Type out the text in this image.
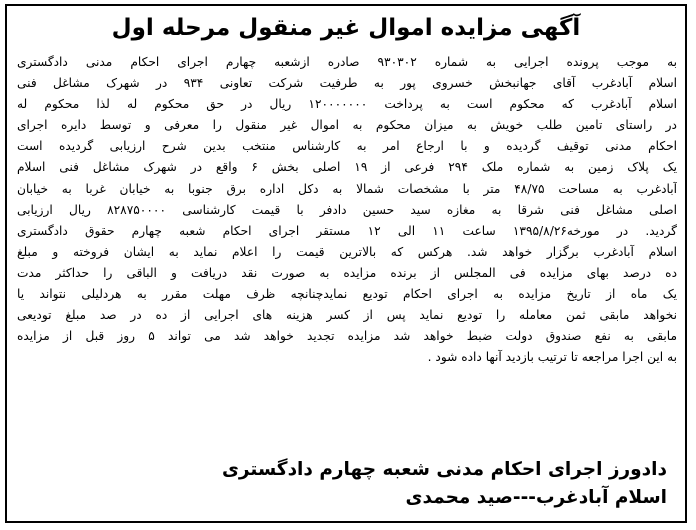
آگهی مزایده اموال غیر منقول مرحله اول
به موجب پرونده اجرایی به شماره ۹۳۰۳۰۲ صادره ازشعبه چهارم اجرای احکام مدنی دادگستری
اسلام آبادغرب آقای جهانبخش خسروی پور به طرفیت شرکت تعاونی ۹۳۴ در شهرک مشاغل فنی
اسلام آبادغرب که محکوم است به پرداخت ۱۲۰۰۰۰۰۰۰ ریال در حق محکوم له لذا محکوم له
در راستای تامین طلب خویش به میزان محکوم به اموال غیر منقول را معرفی و توسط دایره اجرای
احکام مدنی توقیف گردیده و با ارجاع امر به کارشناس منتخب بدین شرح ارزیابی گردیده است
یک پلاک زمین به شماره ملک ۲۹۴ فرعی از ۱۹ اصلی بخش ۶ واقع در شهرک مشاغل فنی اسلام
آبادغرب به مساحت ۴۸/۷۵ متر با مشخصات شمالا به دکل اداره برق جنوبا به خیابان غربا به خیابان
اصلی مشاغل فنی شرقا به مغازه سید حسین دادفر با قیمت کارشناسی ۸۲۸۷۵۰۰۰۰ ریال ارزیابی
گردید. در مورخه۱۳۹۵/۸/۲۶ ساعت ۱۱ الی ۱۲ مستقر اجرای احکام شعبه چهارم حقوق دادگستری
اسلام آبادغرب برگزار خواهد شد. هرکس که بالاترین قیمت را اعلام نماید به ایشان فروخته و مبلغ
ده درصد بهای مزایده فی المجلس از برنده مزایده به صورت نقد دریافت و الباقی را حداکثر مدت
یک ماه از تاریخ مزایده به اجرای احکام تودیع نمایدچنانچه ظرف مهلت مقرر به هردلیلی نتواند یا
نخواهد مابقی ثمن معامله را تودیع نماید پس از کسر هزینه های اجرایی از ده در صد مبلغ تودیعی
مابقی به نفع صندوق دولت ضبط خواهد شد مزایده تجدید خواهد شد می تواند ۵ روز قبل از مزایده
به این اجرا مراجعه تا ترتیب بازدید آنها داده شود .
دادورز اجرای احکام مدنی شعبه چهارم دادگستری
اسلام آبادغرب---صید محمدی
